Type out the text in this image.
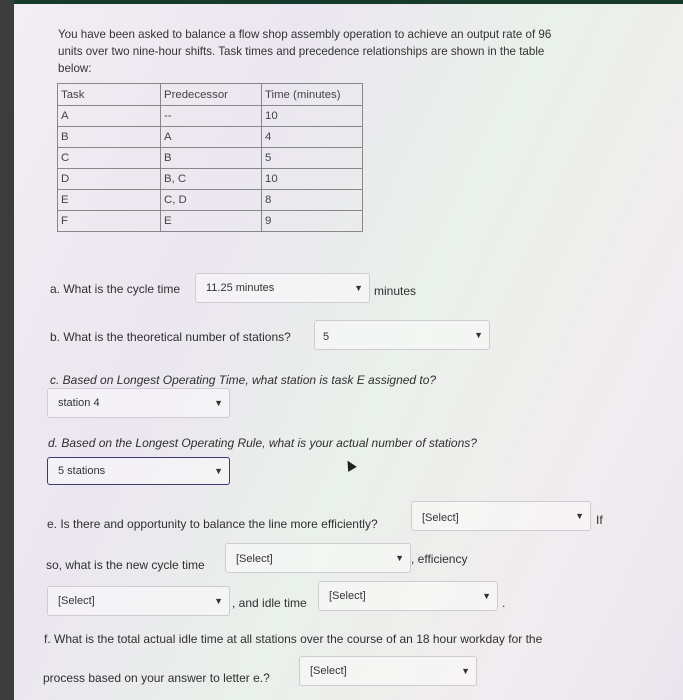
You have been asked to balance a flow shop assembly operation to achieve an output rate of 96 units over two nine-hour shifts. Task times and precedence relationships are shown in the table below:
Task	Predecessor	Time (minutes)
A	--	10
B	A	4
C	B	5
D	B, C	10
E	C, D	8
F	E	9
a. What is the cycle time 11.25 minutes	▼ minutes
b. What is the theoretical number of stations?	5	▼
c. Based on Longest Operating Time, what station is task E assigned to?
station 4	▼
d. Based on the Longest Operating Rule, what is your actual number of stations?
5 stations	▼
e. Is there and opportunity to balance the line more efficiently?	[Select]	▼ If
so, what is the new cycle time	[Select]	▼ , efficiency
[Select]	▼ , and idle time [Select]	▼ .
f. What is the total actual idle time at all stations over the course of an 18 hour workday for the
process based on your answer to letter e.?	[Select]	▼
